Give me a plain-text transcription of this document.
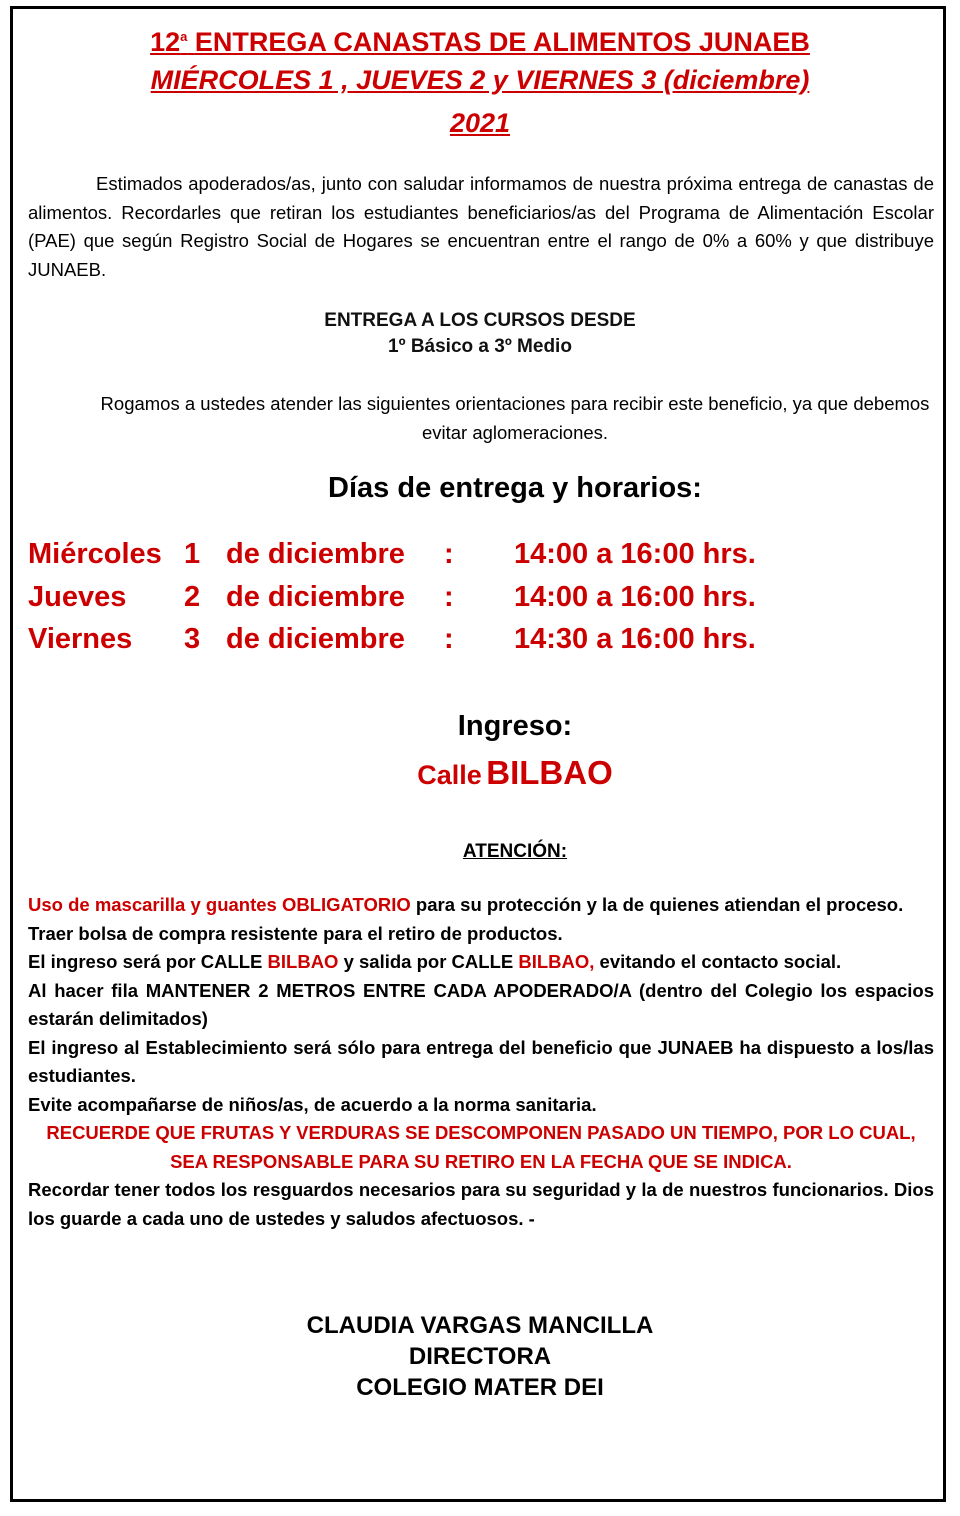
12$^a$ ENTREGA CANASTAS DE ALIMENTOS JUNAEB
MIÉRCOLES 1 , JUEVES 2 y VIERNES 3 (diciembre)
2021

Estimados apoderados/as, junto con saludar informamos de nuestra próxima entrega de canastas de alimentos. Recordarles que retiran los estudiantes beneficiarios/as del Programa de Alimentación Escolar (PAE) que según Registro Social de Hogares se encuentran entre el rango de 0% a 60% y que distribuye JUNAEB.

ENTREGA A LOS CURSOS DESDE
1º Básico a 3º Medio

Rogamos a ustedes atender las siguientes orientaciones para recibir este beneficio, ya que debemos evitar aglomeraciones.

Días de entrega y horarios:
Miércoles 1 de diciembre : 14:00 a 16:00 hrs.
Jueves 2 de diciembre : 14:00 a 16:00 hrs.
Viernes 3 de diciembre : 14:30 a 16:00 hrs.
Ingreso:
Calle BILBAO
ATENCIÓN:

Uso de mascarilla y guantes OBLIGATORIO para su protección y la de quienes atiendan el proceso.

Traer bolsa de compra resistente para el retiro de productos.

El ingreso será por CALLE BILBAO y salida por CALLE BILBAO, evitando el contacto social.

Al hacer fila MANTENER 2 METROS ENTRE CADA APODERADO/A (dentro del Colegio los espacios estarán delimitados)

El ingreso al Establecimiento será sólo para entrega del beneficio que JUNAEB ha dispuesto a los/las estudiantes.

Evite acompañarse de niños/as, de acuerdo a la norma sanitaria.

RECUERDE QUE FRUTAS Y VERDURAS SE DESCOMPONEN PASADO UN TIEMPO, POR LO CUAL, SEA RESPONSABLE PARA SU RETIRO EN LA FECHA QUE SE INDICA.

Recordar tener todos los resguardos necesarios para su seguridad y la de nuestros funcionarios. Dios los guarde a cada uno de ustedes y saludos afectuosos. -

CLAUDIA VARGAS MANCILLA
DIRECTORA
COLEGIO MATER DEI
